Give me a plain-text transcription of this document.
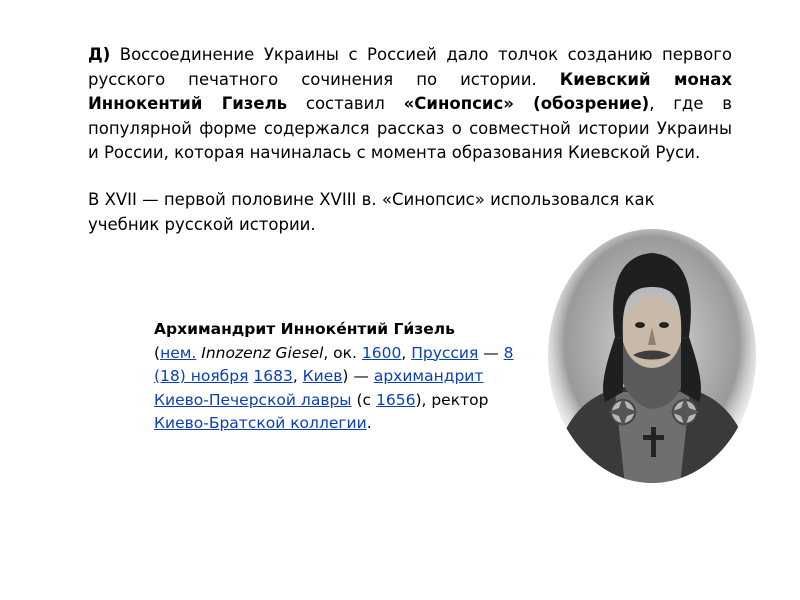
Д) Воссоединение Украины с Россией дало толчок созданию первого русского печатного сочинения по истории. Киевский монах Иннокентий Гизель составил «Синопсис» (обозрение), где в популярной форме содержался рассказ о совместной истории Украины и России, которая начиналась с момента образования Киевской Руси.
В XVII — первой половине XVIII в. «Синопсис» использовался как учебник русской истории.
Архимандрит Инноке́нтий Ги́зель
(нем. Innozenz Giesel, ок. 1600, Пруссия — 8 (18) ноября 1683, Киев) — архимандрит Киево-Печерской лавры (с 1656), ректор Киево-Братской коллегии.
